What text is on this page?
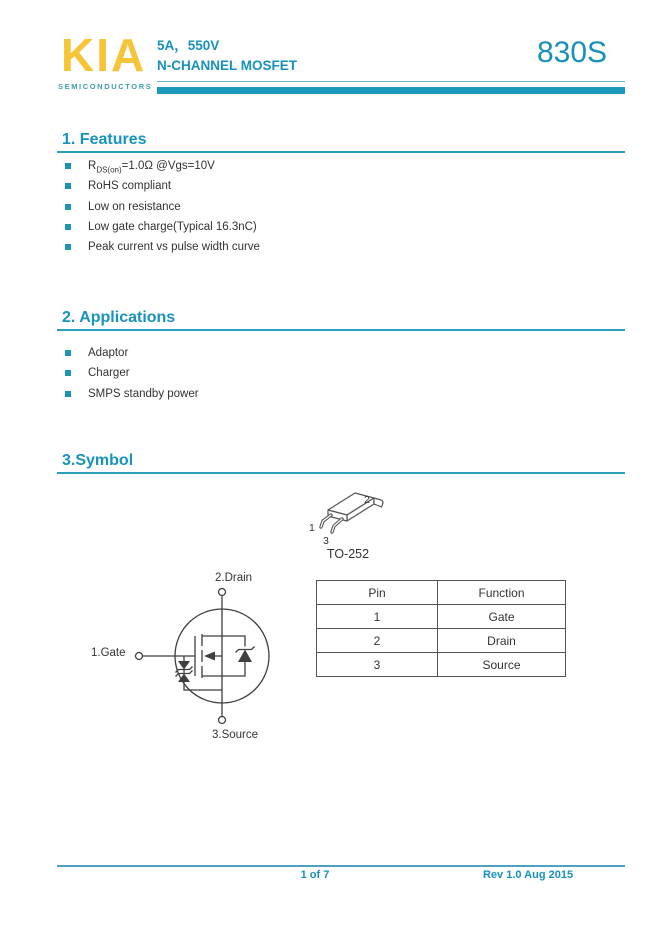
KIA
SEMICONDUCTORS
5A，550V
N-CHANNEL MOSFET	830S
1. Features
$R_{DS(on)}=1.0\Omega$ @Vgs=10V
RoHS compliant
Low on resistance
Low gate charge(Typical 16.3nC)
Peak current vs pulse width curve
2. Applications
Adaptor
Charger
SMPS standby power
3.Symbol
1
2
3
TO-252
2.Drain
1.Gate
3.Source
Pin	Function
1	Gate
2	Drain
3	Source
1 of 7	Rev 1.0 Aug 2015
